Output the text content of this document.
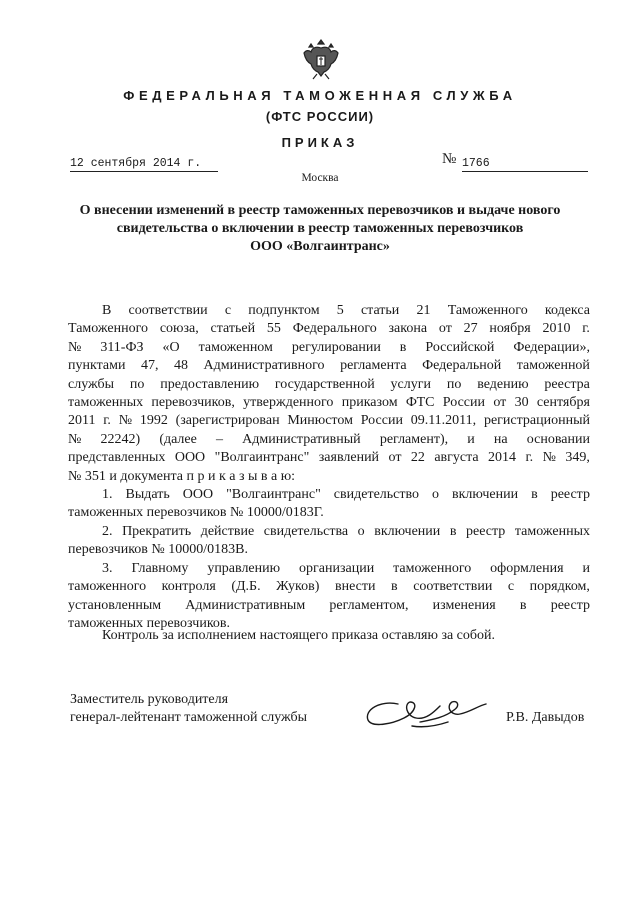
ФЕДЕРАЛЬНАЯ ТАМОЖЕННАЯ СЛУЖБА
(ФТС РОССИИ)
ПРИКАЗ
12 сентября 2014 г.	№ 1766
Москва
О внесении изменений в реестр таможенных перевозчиков и выдаче нового
свидетельства о включении в реестр таможенных перевозчиков
ООО «Волгаинтранс»
В соответствии с подпунктом 5 статьи 21 Таможенного кодекса
Таможенного союза, статьей 55 Федерального закона от 27 ноября 2010 г.
№ 311-ФЗ «О таможенном регулировании в Российской Федерации»,
пунктами 47, 48 Административного регламента Федеральной таможенной
службы по предоставлению государственной услуги по ведению реестра
таможенных перевозчиков, утвержденного приказом ФТС России от 30 сентября
2011 г. № 1992 (зарегистрирован Минюстом России 09.11.2011, регистрационный
№ 22242) (далее – Административный регламент), и на основании
представленных ООО "Волгаинтранс" заявлений от 22 августа 2014 г. № 349,
№ 351 и документа п р и к а з ы в а ю:
1. Выдать ООО "Волгаинтранс" свидетельство о включении в реестр
таможенных перевозчиков № 10000/0183Г.
2. Прекратить действие свидетельства о включении в реестр таможенных
перевозчиков № 10000/0183В.
3. Главному управлению организации таможенного оформления и
таможенного контроля (Д.Б. Жуков) внести в соответствии с порядком,
установленным Административным регламентом, изменения в реестр
таможенных перевозчиков.
Контроль за исполнением настоящего приказа оставляю за собой.
Заместитель руководителя
генерал-лейтенант таможенной службы	Р.В. Давыдов
